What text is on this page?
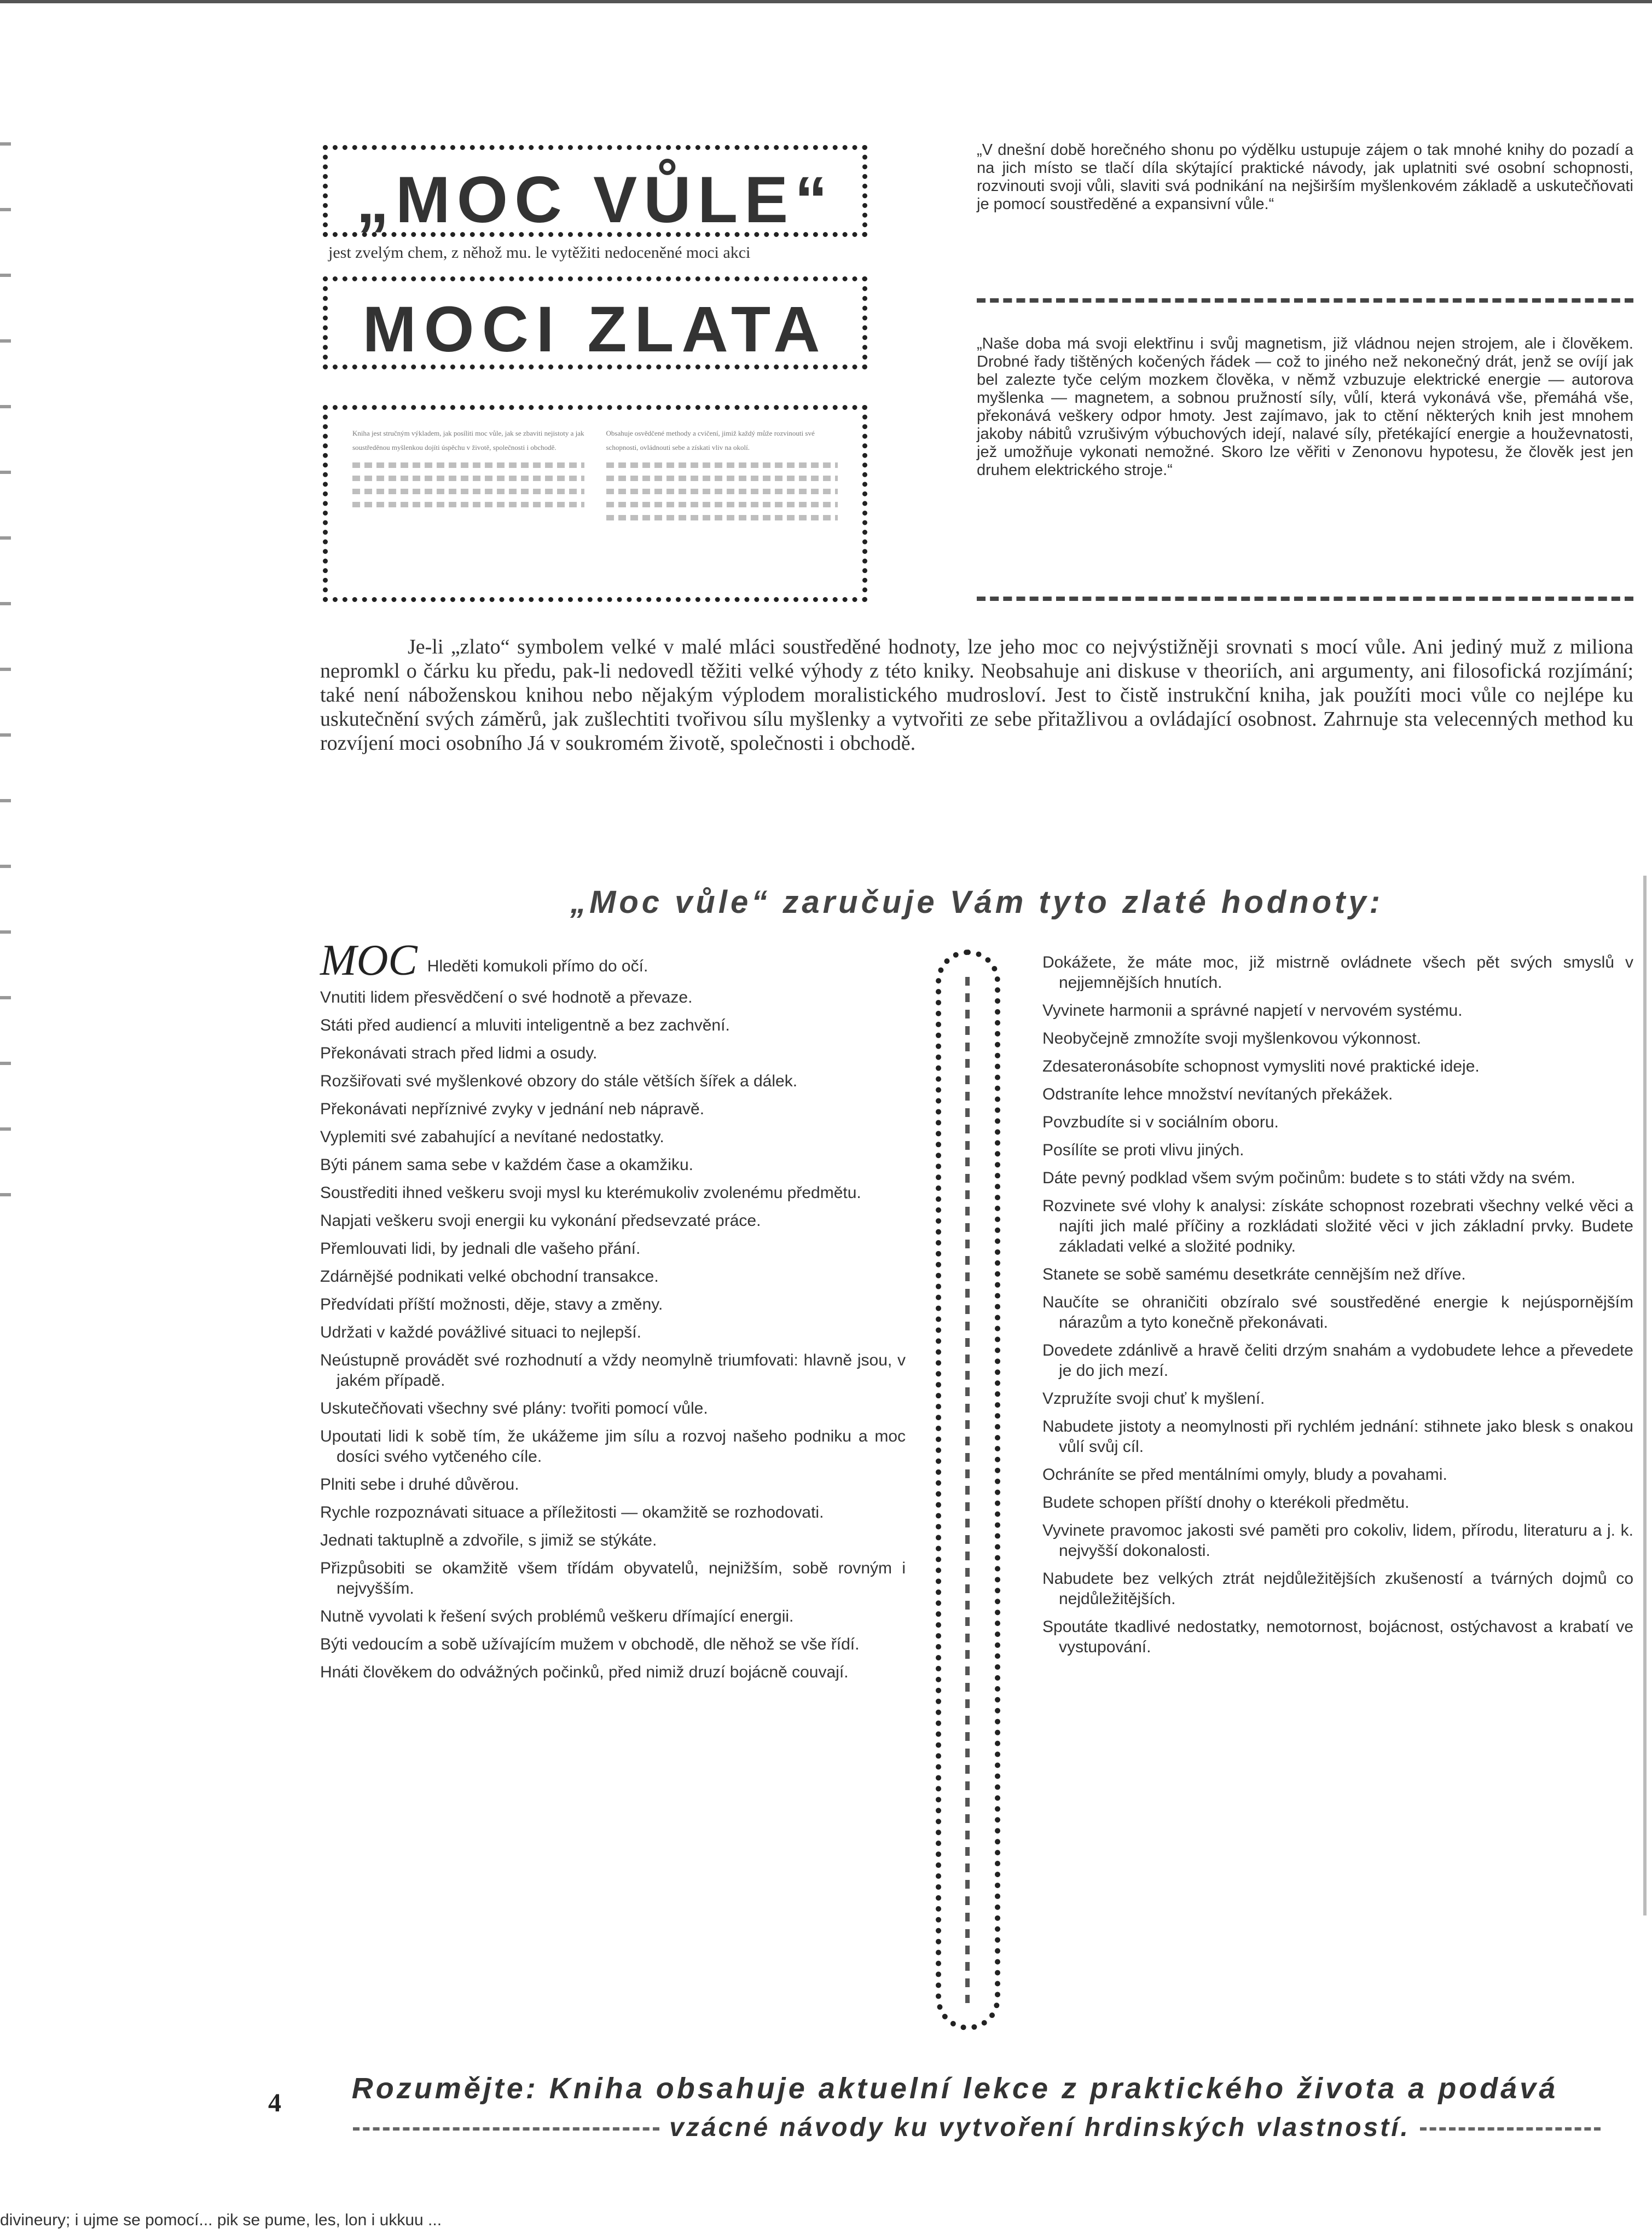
„MOC VŮLE“
jest zvelým chem, z něhož mu. le vytěžiti nedoceněné moci akci
MOCI ZLATA
Kniha jest stručným výkladem, jak posíliti moc vůle, jak se zbaviti nejistoty a jak soustředěnou myšlenkou dojíti úspěchu v životě, společnosti i obchodě.
Obsahuje osvědčené methody a cvičení, jimiž každý může rozvinouti své schopnosti, ovládnouti sebe a získati vliv na okolí.
„V dnešní době horečného shonu po výdělku ustupuje zájem o tak mnohé knihy do pozadí a na jich místo se tlačí díla skýtající praktické návody, jak uplatniti své osobní schopnosti, rozvinouti svoji vůli, slaviti svá podnikání na nejširším myšlenkovém základě a uskutečňovati je pomocí soustředěné a expansivní vůle.“
„Naše doba má svoji elektřinu i svůj magnetism, již vládnou nejen strojem, ale i člověkem. Drobné řady tištěných kočených řádek — což to jiného než nekonečný drát, jenž se ovíjí jak bel zalezte tyče celým mozkem člověka, v němž vzbuzuje elektrické energie — autorova myšlenka — magnetem, a sobnou pružností síly, vůlí, která vykonává vše, přemáhá vše, překonává veškery odpor hmoty. Jest zajímavo, jak to ctění některých knih jest mnohem jakoby nábitů vzrušivým výbuchových idejí, nalavé síly, přetékající energie a houževnatosti, jež umožňuje vykonati nemožné. Skoro lze věřiti v Zenonovu hypotesu, že člověk jest jen druhem elektrického stroje.“
Je-li „zlato“ symbolem velké v malé mláci soustředěné hodnoty, lze jeho moc co nejvýstižněji srovnati s mocí vůle. Ani jediný muž z miliona nepromkl o čárku ku předu, pak-li nedovedl těžiti velké výhody z této kniky. Neobsahuje ani diskuse v theoriích, ani argumenty, ani filosofická rozjímání; také není náboženskou knihou nebo nějakým výplodem moralistického mudrosloví. Jest to čistě instrukční kniha, jak použíti moci vůle co nejlépe ku uskutečnění svých záměrů, jak zušlechtiti tvořivou sílu myšlenky a vytvořiti ze sebe přitažlivou a ovládající osobnost. Zahrnuje sta velecenných method ku rozvíjení moci osobního Já v soukromém životě, společnosti i obchodě.
„Moc vůle“ zaručuje Vám tyto zlaté hodnoty:
MOC Hleděti komukoli přímo do očí.
Vnutiti lidem přesvědčení o své hodnotě a převaze.
Státi před audiencí a mluviti inteligentně a bez zachvění.
Překonávati strach před lidmi a osudy.
Rozšiřovati své myšlenkové obzory do stále větších šířek a dálek.
Překonávati nepříznivé zvyky v jednání neb nápravě.
Vyplemiti své zabahující a nevítané nedostatky.
Býti pánem sama sebe v každém čase a okamžiku.
Soustřediti ihned veškeru svoji mysl ku kterémukoliv zvolenému předmětu.
Napjati veškeru svoji energii ku vykonání předsevzaté práce.
Přemlouvati lidi, by jednali dle vašeho přání.
Zdárnějšé podnikati velké obchodní transakce.
Předvídati příští možnosti, děje, stavy a změny.
Udržati v každé povážlivé situaci to nejlepší.
Neústupně provádět své rozhodnutí a vždy neomylně triumfovati: hlavně jsou, v jakém případě.
Uskutečňovati všechny své plány: tvořiti pomocí vůle.
Upoutati lidi k sobě tím, že ukážeme jim sílu a rozvoj našeho podniku a moc dosíci svého vytčeného cíle.
Plniti sebe i druhé důvěrou.
Rychle rozpoznávati situace a příležitosti — okamžitě se rozhodovati.
Jednati taktuplně a zdvořile, s jimiž se stýkáte.
Přizpůsobiti se okamžitě všem třídám obyvatelů, nejnižším, sobě rovným i nejvyšším.
Nutně vyvolati k řešení svých problémů veškeru dřímající energii.
Býti vedoucím a sobě užívajícím mužem v obchodě, dle něhož se vše řídí.
Hnáti člověkem do odvážných počinků, před nimiž druzí bojácně couvají.
Dokážete, že máte moc, již mistrně ovládnete všech pět svých smyslů v nejjemnějších hnutích.
Vyvinete harmonii a správné napjetí v nervovém systému.
Neobyčejně zmnožíte svoji myšlenkovou výkonnost.
Zdesateronásobíte schopnost vymysliti nové praktické ideje.
Odstraníte lehce množství nevítaných překážek.
Povzbudíte si v sociálním oboru.
Posílíte se proti vlivu jiných.
Dáte pevný podklad všem svým počinům: budete s to státi vždy na svém.
Rozvinete své vlohy k analysi: získáte schopnost rozebrati všechny velké věci a najíti jich malé příčiny a rozkládati složité věci v jich základní prvky. Budete základati velké a složité podniky.
Stanete se sobě samému desetkráte cennějším než dříve.
Naučíte se ohraničiti obzíralo své soustředěné energie k nejúspornějším nárazům a tyto konečně překonávati.
Dovedete zdánlivě a hravě čeliti drzým snahám a vydobudete lehce a převedete je do jich mezí.
Vzpružíte svoji chuť k myšlení.
Nabudete jistoty a neomylnosti při rychlém jednání: stihnete jako blesk s onakou vůlí svůj cíl.
Ochráníte se před mentálními omyly, bludy a povahami.
Budete schopen příští dnohy o kterékoli předmětu.
Vyvinete pravomoc jakosti své paměti pro cokoliv, lidem, přírodu, literaturu a j. k. nejvyšší dokonalosti.
Nabudete bez velkých ztrát nejdůležitějších zkušeností a tvárných dojmů co nejdůležitějších.
Spoutáte tkadlivé nedostatky, nemotornost, bojácnost, ostýchavost a krabatí ve vystupování.
4	Rozumějte: Kniha obsahuje aktuelní lekce z praktického života a podává
vzácné návody ku vytvoření hrdinských vlastností.
divineury; i ujme se pomocí... pik se pume, les, lon i ukkuu ...
